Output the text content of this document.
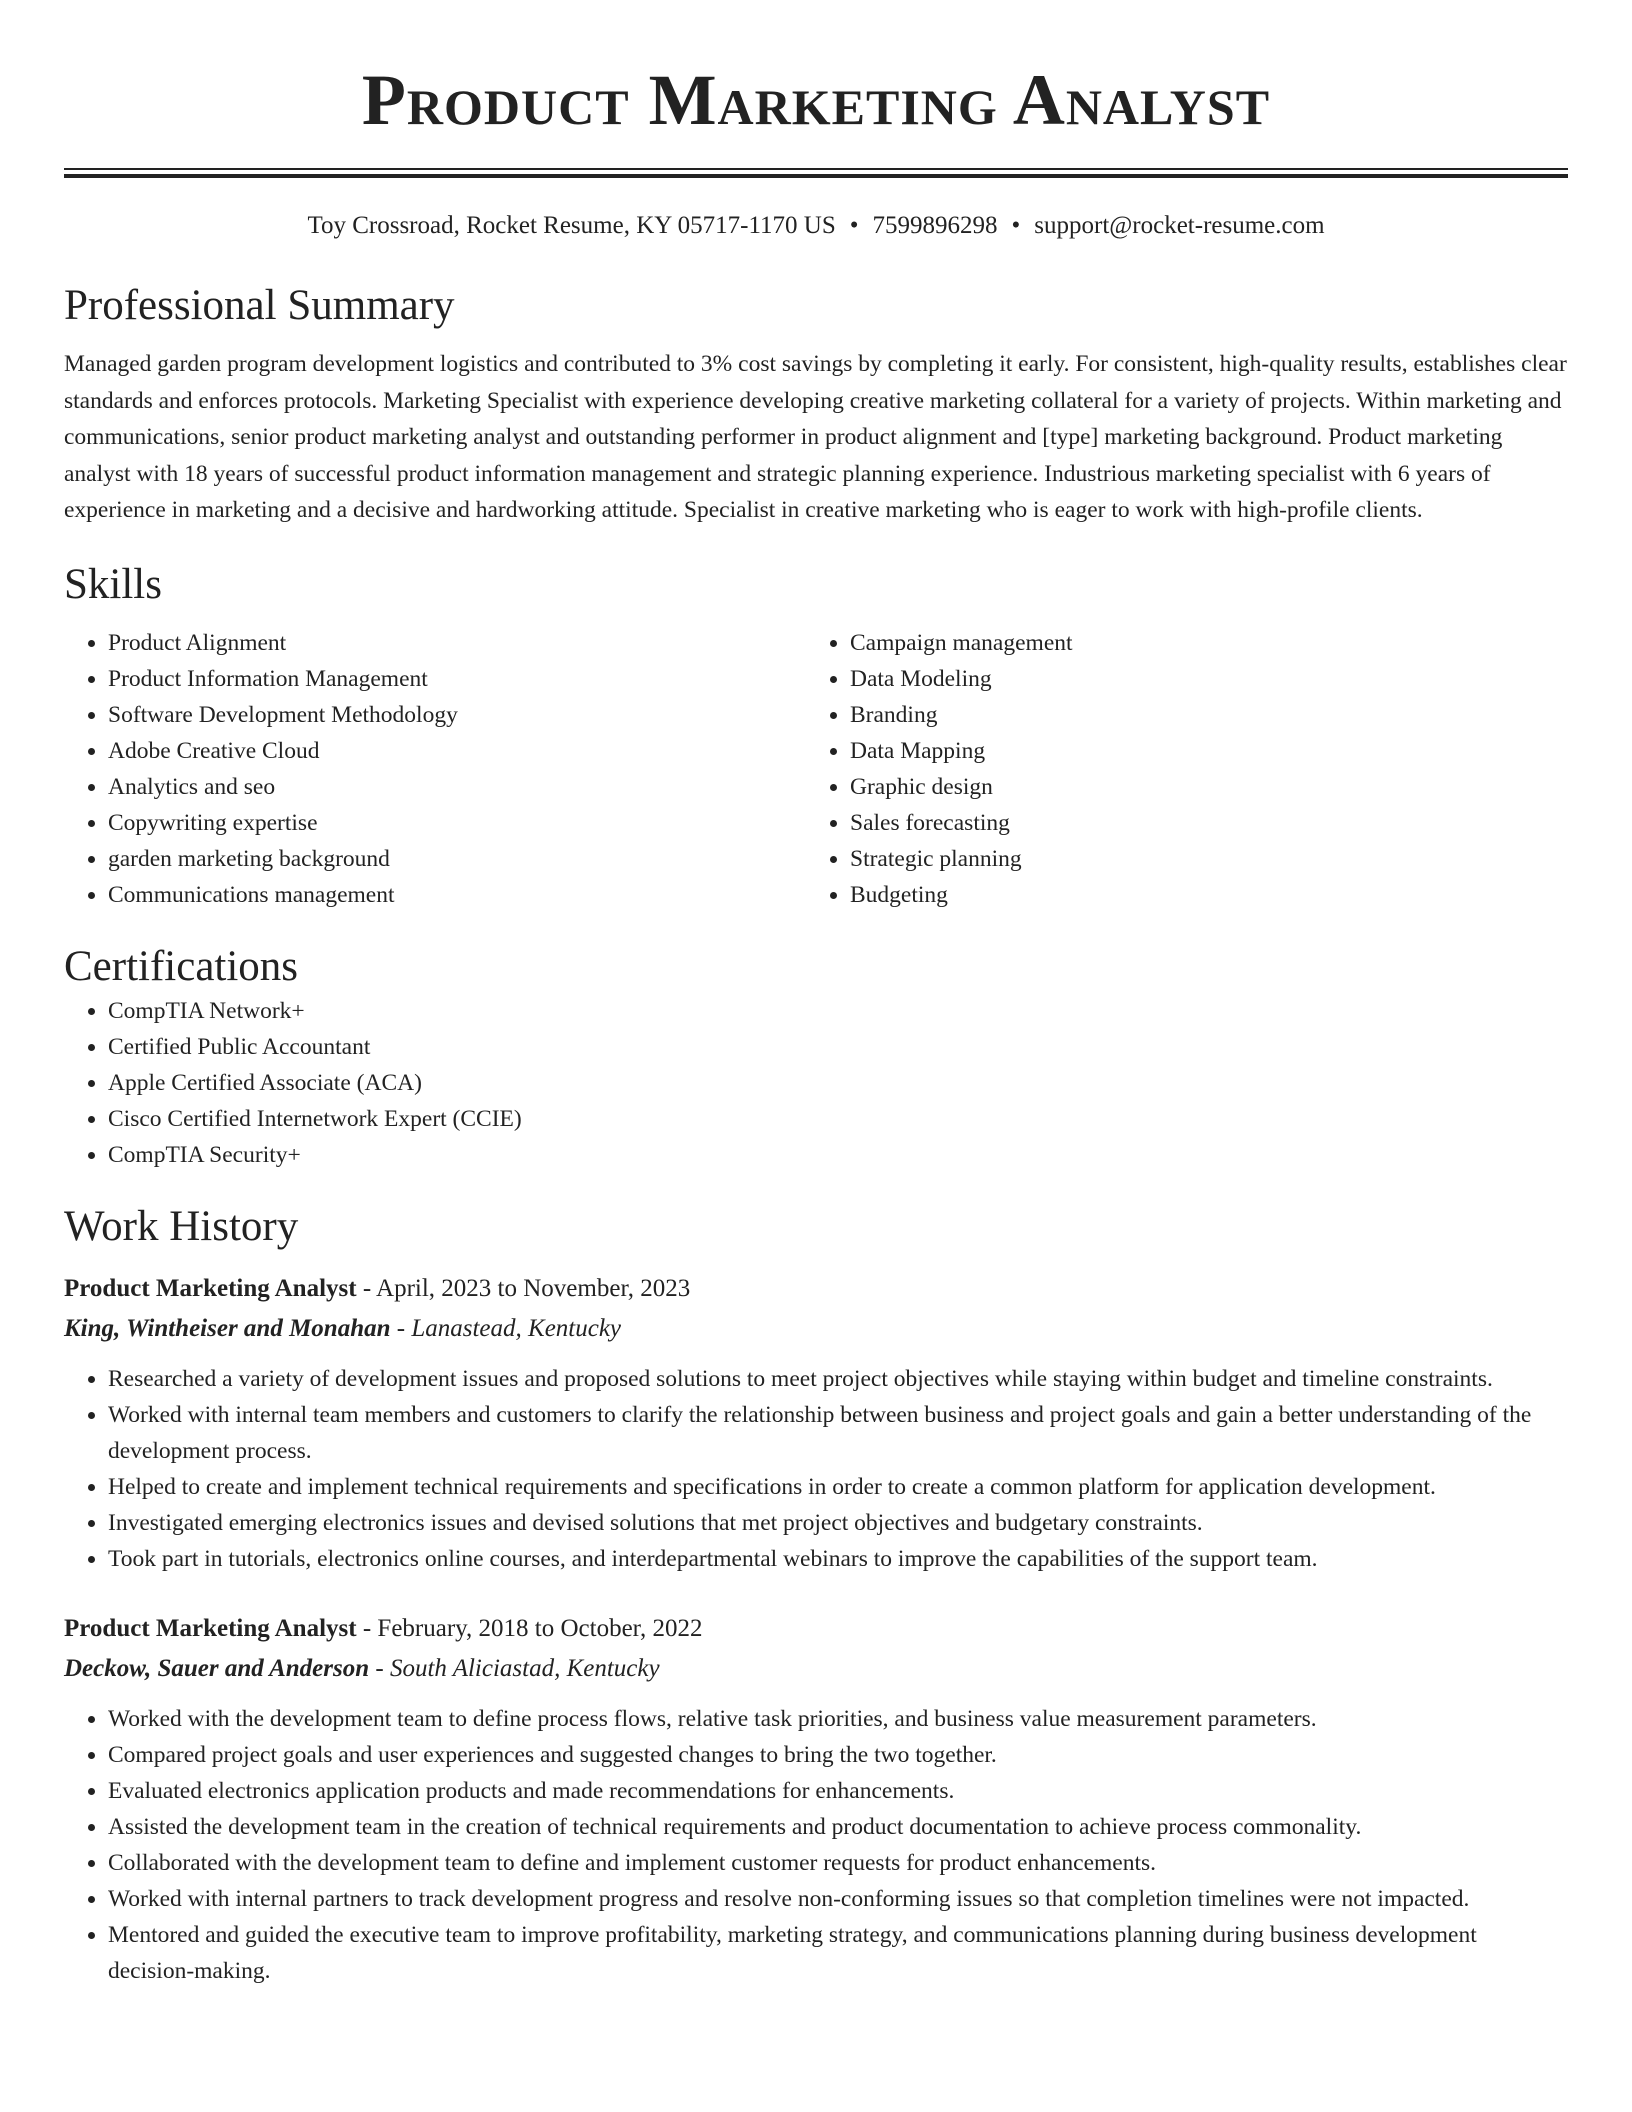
Product Marketing Analyst
Toy Crossroad, Rocket Resume, KY 05717-1170 US • 7599896298 • support@rocket-resume.com
Professional Summary

Managed garden program development logistics and contributed to 3% cost savings by completing it early. For consistent, high-quality results, establishes clear standards and enforces protocols. Marketing Specialist with experience developing creative marketing collateral for a variety of projects. Within marketing and communications, senior product marketing analyst and outstanding performer in product alignment and [type] marketing background. Product marketing analyst with 18 years of successful product information management and strategic planning experience. Industrious marketing specialist with 6 years of experience in marketing and a decisive and hardworking attitude. Specialist in creative marketing who is eager to work with high-profile clients.

Skills
• Product Alignment
• Product Information Management
• Software Development Methodology
• Adobe Creative Cloud
• Analytics and seo
• Copywriting expertise
• garden marketing background
• Communications management
• Campaign management
• Data Modeling
• Branding
• Data Mapping
• Graphic design
• Sales forecasting
• Strategic planning
• Budgeting
Certifications
• CompTIA Network+
• Certified Public Accountant
• Apple Certified Associate (ACA)
• Cisco Certified Internetwork Expert (CCIE)
• CompTIA Security+
Work History
Product Marketing Analyst - April, 2023 to November, 2023
King, Wintheiser and Monahan - Lanastead, Kentucky
• Researched a variety of development issues and proposed solutions to meet project objectives while staying within budget and timeline constraints.
• Worked with internal team members and customers to clarify the relationship between business and project goals and gain a better understanding of the development process.
• Helped to create and implement technical requirements and specifications in order to create a common platform for application development.
• Investigated emerging electronics issues and devised solutions that met project objectives and budgetary constraints.
• Took part in tutorials, electronics online courses, and interdepartmental webinars to improve the capabilities of the support team.
Product Marketing Analyst - February, 2018 to October, 2022
Deckow, Sauer and Anderson - South Aliciastad, Kentucky
• Worked with the development team to define process flows, relative task priorities, and business value measurement parameters.
• Compared project goals and user experiences and suggested changes to bring the two together.
• Evaluated electronics application products and made recommendations for enhancements.
• Assisted the development team in the creation of technical requirements and product documentation to achieve process commonality.
• Collaborated with the development team to define and implement customer requests for product enhancements.
• Worked with internal partners to track development progress and resolve non-conforming issues so that completion timelines were not impacted.
• Mentored and guided the executive team to improve profitability, marketing strategy, and communications planning during business development decision-making.
